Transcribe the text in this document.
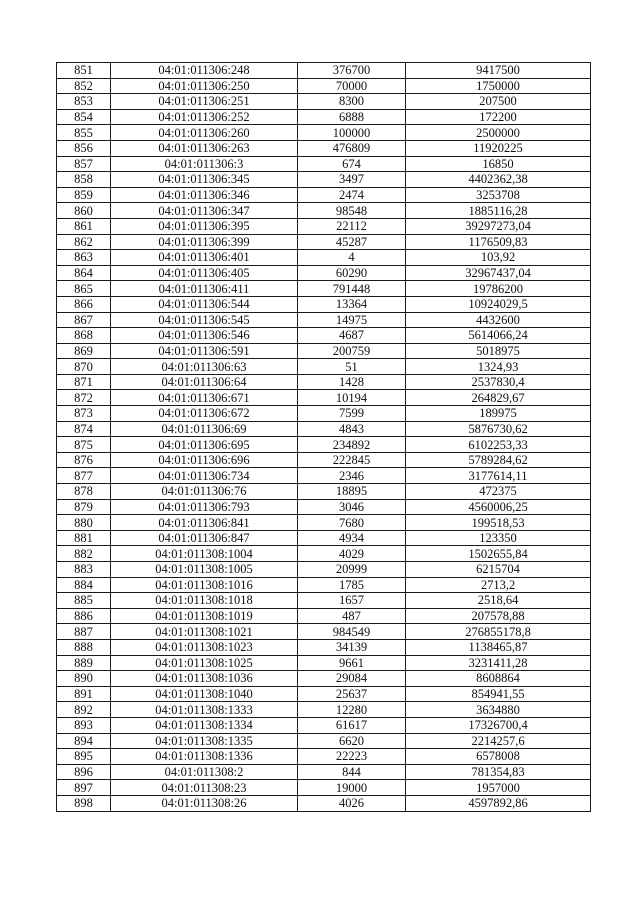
851	04:01:011306:248	376700	9417500
852	04:01:011306:250	70000	1750000
853	04:01:011306:251	8300	207500
854	04:01:011306:252	6888	172200
855	04:01:011306:260	100000	2500000
856	04:01:011306:263	476809	11920225
857	04:01:011306:3	674	16850
858	04:01:011306:345	3497	4402362,38
859	04:01:011306:346	2474	3253708
860	04:01:011306:347	98548	1885116,28
861	04:01:011306:395	22112	39297273,04
862	04:01:011306:399	45287	1176509,83
863	04:01:011306:401	4	103,92
864	04:01:011306:405	60290	32967437,04
865	04:01:011306:411	791448	19786200
866	04:01:011306:544	13364	10924029,5
867	04:01:011306:545	14975	4432600
868	04:01:011306:546	4687	5614066,24
869	04:01:011306:591	200759	5018975
870	04:01:011306:63	51	1324,93
871	04:01:011306:64	1428	2537830,4
872	04:01:011306:671	10194	264829,67
873	04:01:011306:672	7599	189975
874	04:01:011306:69	4843	5876730,62
875	04:01:011306:695	234892	6102253,33
876	04:01:011306:696	222845	5789284,62
877	04:01:011306:734	2346	3177614,11
878	04:01:011306:76	18895	472375
879	04:01:011306:793	3046	4560006,25
880	04:01:011306:841	7680	199518,53
881	04:01:011306:847	4934	123350
882	04:01:011308:1004	4029	1502655,84
883	04:01:011308:1005	20999	6215704
884	04:01:011308:1016	1785	2713,2
885	04:01:011308:1018	1657	2518,64
886	04:01:011308:1019	487	207578,88
887	04:01:011308:1021	984549	276855178,8
888	04:01:011308:1023	34139	1138465,87
889	04:01:011308:1025	9661	3231411,28
890	04:01:011308:1036	29084	8608864
891	04:01:011308:1040	25637	854941,55
892	04:01:011308:1333	12280	3634880
893	04:01:011308:1334	61617	17326700,4
894	04:01:011308:1335	6620	2214257,6
895	04:01:011308:1336	22223	6578008
896	04:01:011308:2	844	781354,83
897	04:01:011308:23	19000	1957000
898	04:01:011308:26	4026	4597892,86
